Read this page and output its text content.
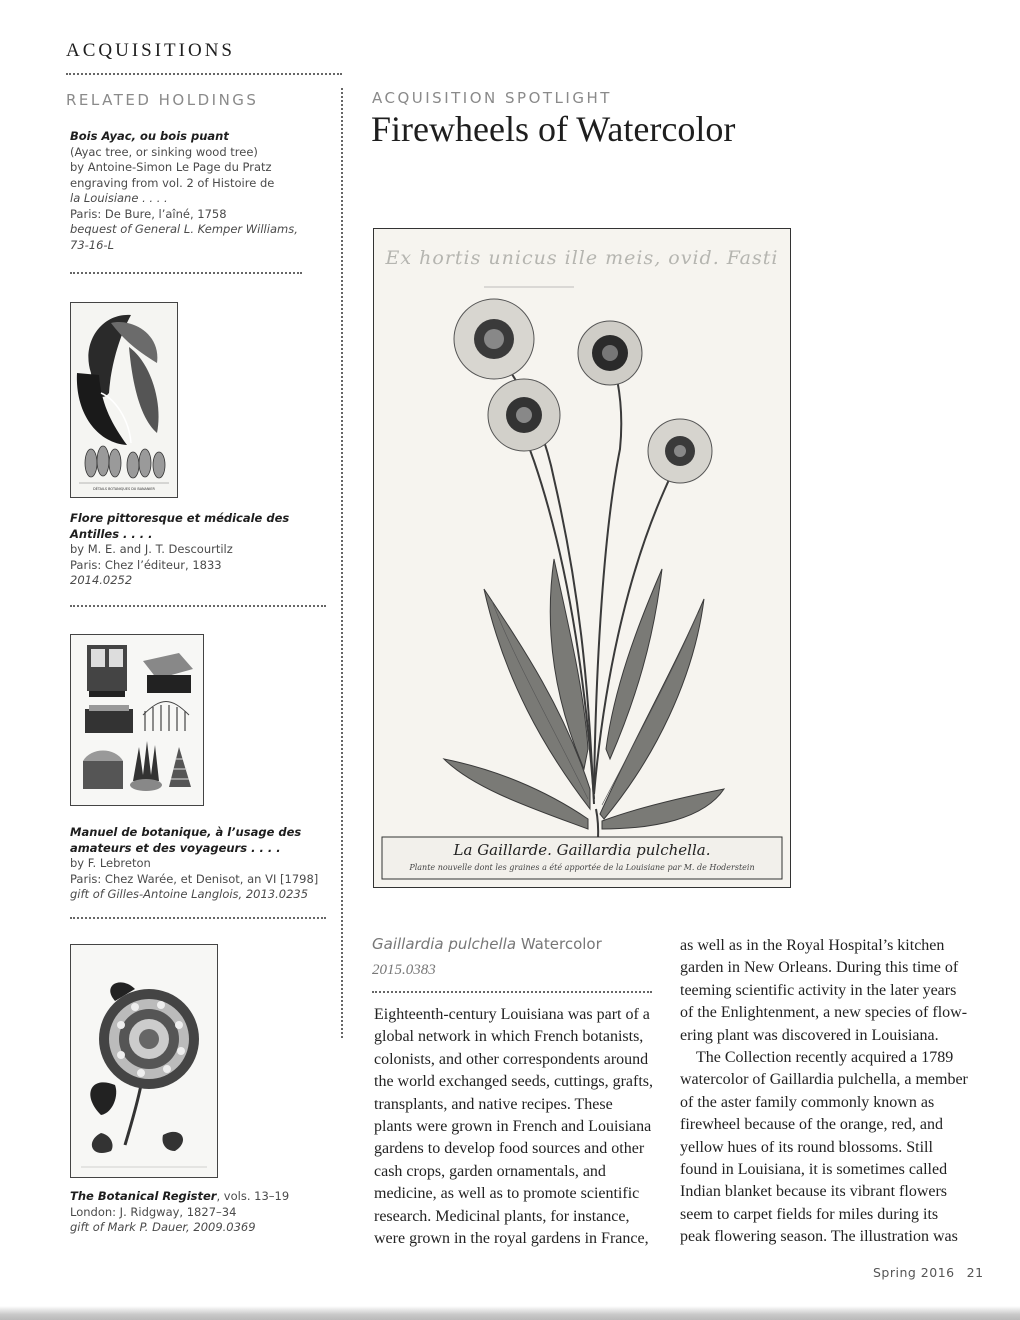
ACQUISITIONS
RELATED HOLDINGS	ACQUISITION SPOTLIGHT
Firewheels of Watercolor
Bois Ayac, ou bois puant
(Ayac tree, or sinking wood tree)
by Antoine-Simon Le Page du Pratz
engraving from vol. 2 of Histoire de
la Louisiane . . . .
Paris: De Bure, l’aîné, 1758
bequest of General L. Kemper Williams,
73-16-L
DÉTAILS BOTANIQUES DU BANANIER
Flore pittoresque et médicale des
Antilles . . . .
by M. E. and J. T. Descourtilz
Paris: Chez l’éditeur, 1833
2014.0252
Manuel de botanique, à l’usage des
amateurs et des voyageurs . . . .
by F. Lebreton
Paris: Chez Warée, et Denisot, an VI [1798]
gift of Gilles-Antoine Langlois, 2013.0235
The Botanical Register, vols. 13–19
London: J. Ridgway, 1827–34
gift of Mark P. Dauer, 2009.0369
Ex hortis unicus ille meis, ovid. Fasti
La Gaillarde. Gaillardia pulchella.
Plante nouvelle dont les graines a été apportée de la Louisiane par M. de Hoderstein
Gaillardia pulchella Watercolor
2015.0383
Eighteenth-century Louisiana was part of a
global network in which French botanists,
colonists, and other correspondents around
the world exchanged seeds, cuttings, grafts,
transplants, and native recipes. These
plants were grown in French and Louisiana
gardens to develop food sources and other
cash crops, garden ornamentals, and
medicine, as well as to promote scientific
research. Medicinal plants, for instance,
were grown in the royal gardens in France,
as well as in the Royal Hospital’s kitchen
garden in New Orleans. During this time of
teeming scientific activity in the later years
of the Enlightenment, a new species of flow-
ering plant was discovered in Louisiana.
The Collection recently acquired a 1789
watercolor of Gaillardia pulchella, a member
of the aster family commonly known as
firewheel because of the orange, red, and
yellow hues of its round blossoms. Still
found in Louisiana, it is sometimes called
Indian blanket because its vibrant flowers
seem to carpet fields for miles during its
peak flowering season. The illustration was
Spring 2016 21
